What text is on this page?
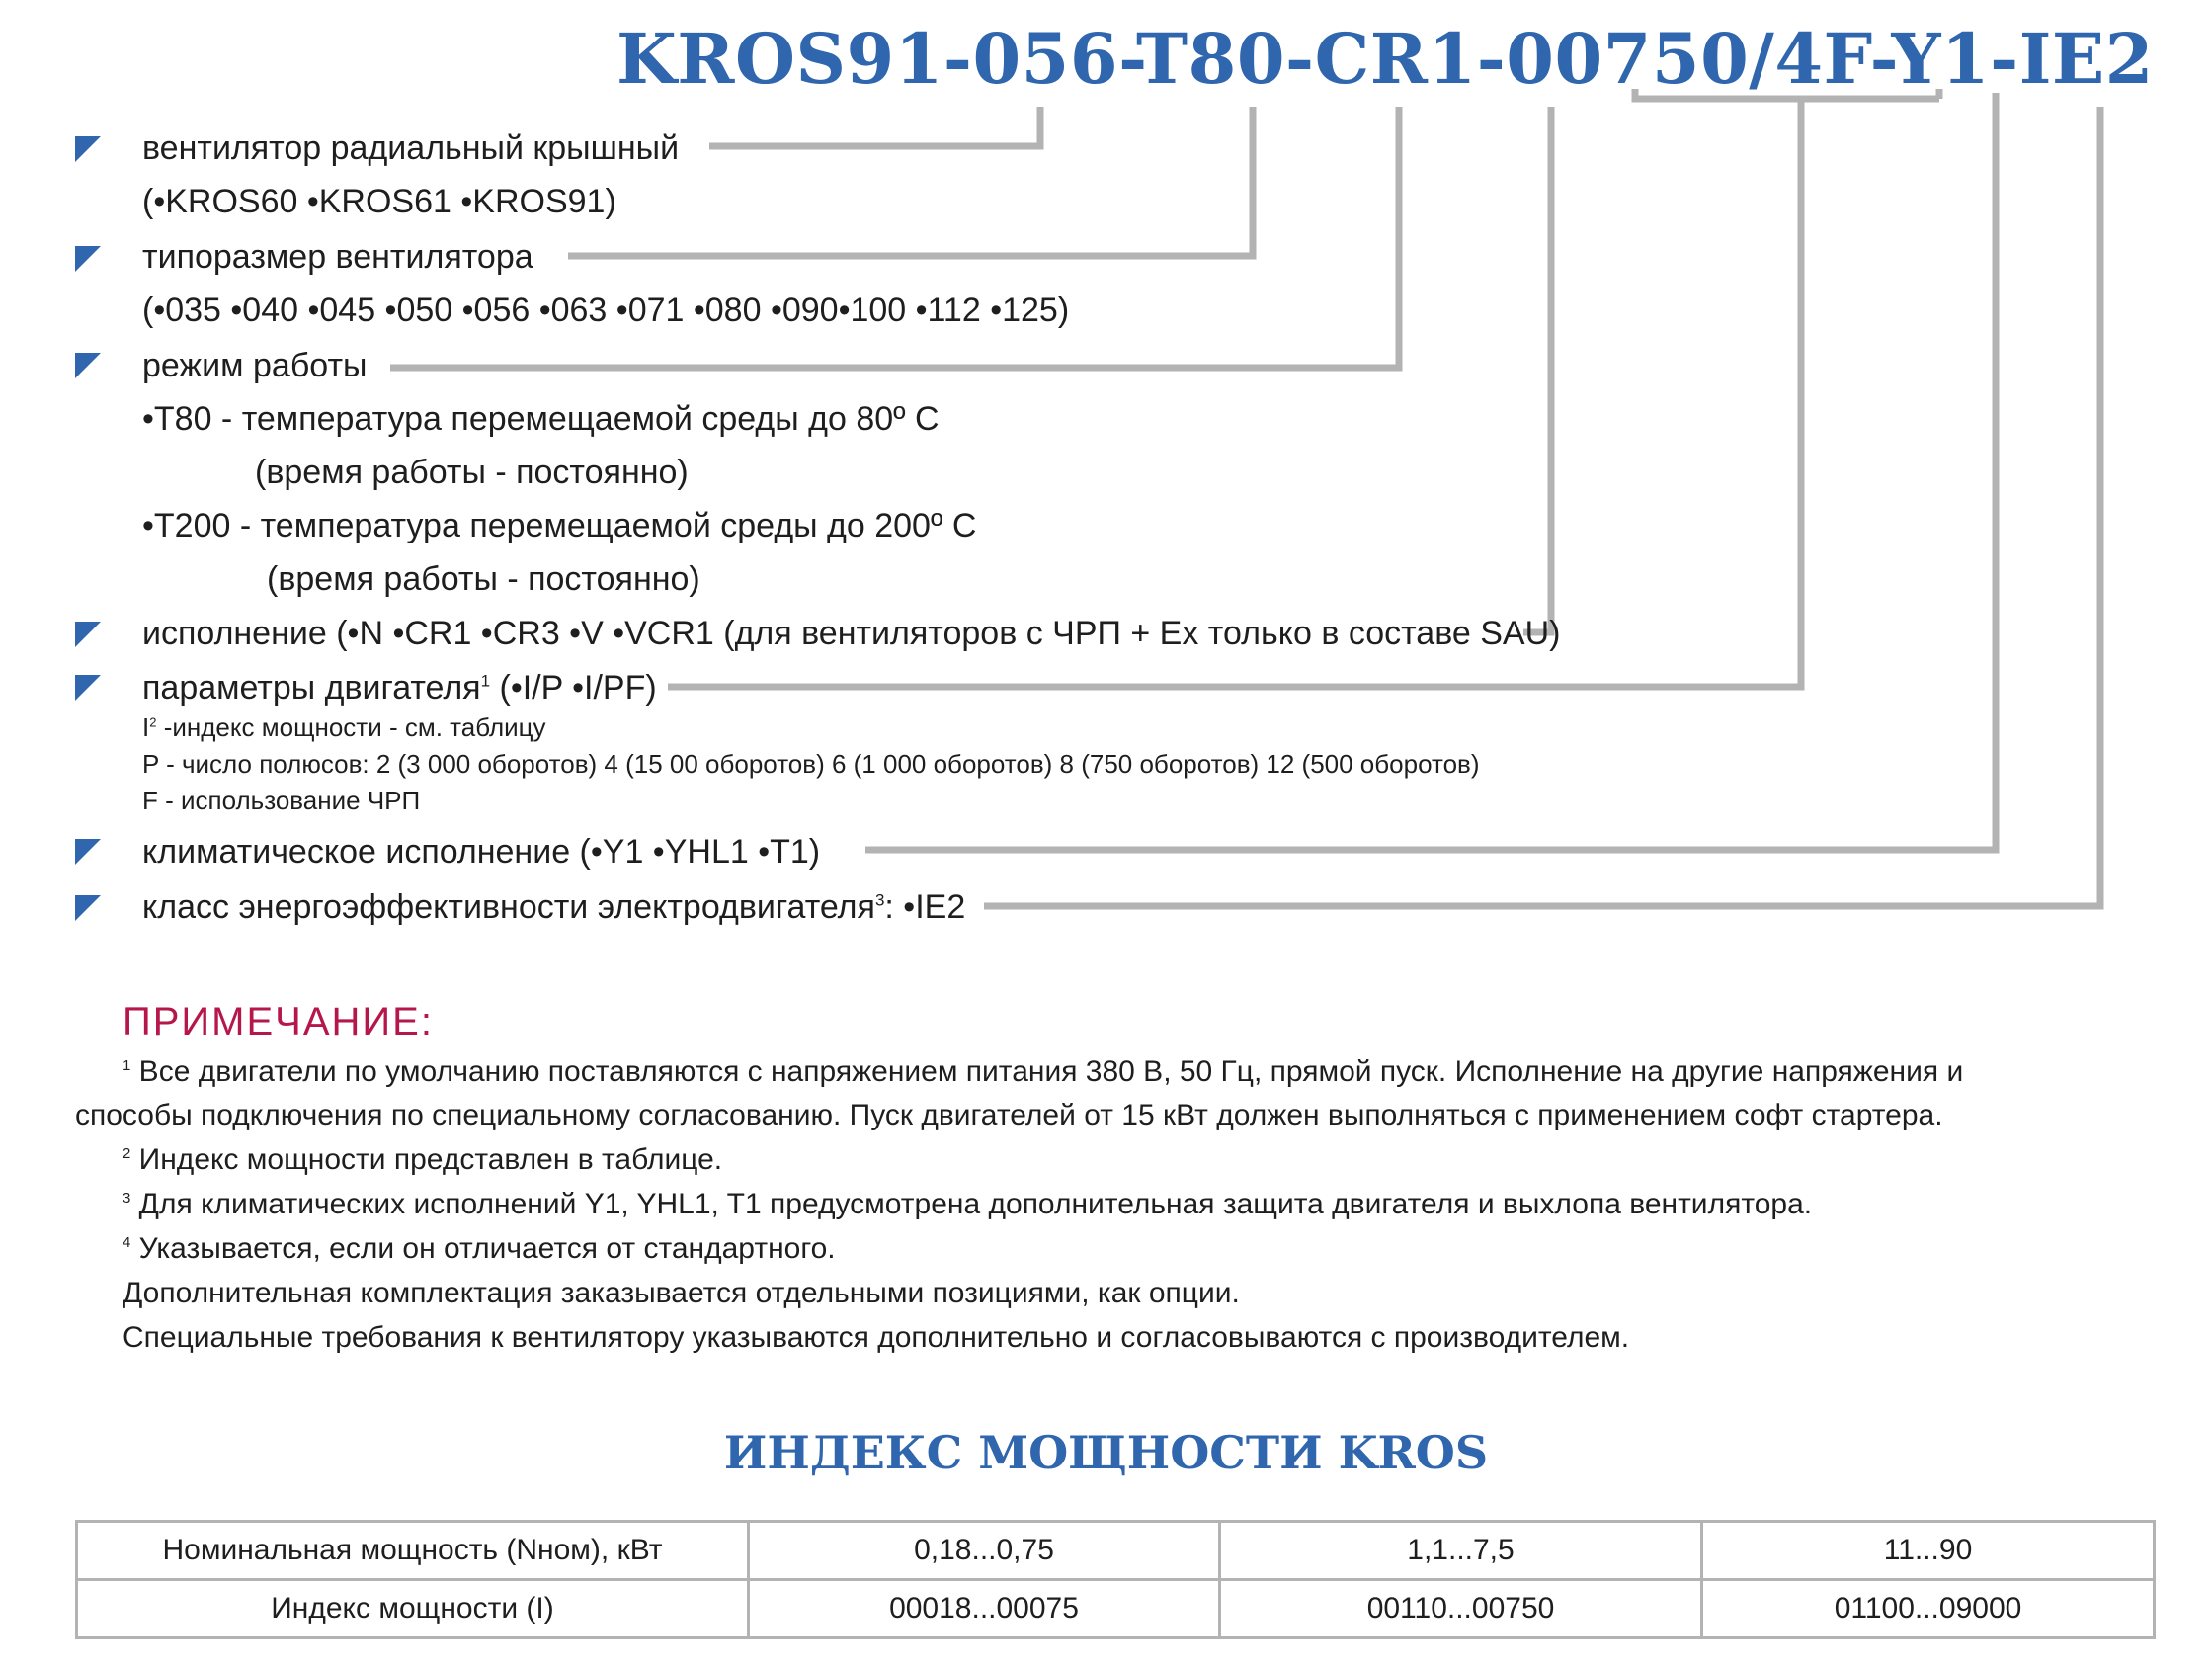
KROS91-056-T80-CR1-00750/4F-Y1-IE2
вентилятор радиальный крышный
(•KROS60 •KROS61 •KROS91)
типоразмер вентилятора
(•035 •040 •045 •050 •056 •063 •071 •080 •090•100 •112 •125)
режим работы
•Т80 - температура перемещаемой среды до 80º С
(время работы - постоянно)
•Т200 - температура перемещаемой среды до 200º С
(время работы - постоянно)
исполнение (•N •CR1 •CR3 •V •VCR1 (для вентиляторов с ЧРП + Ex только в составе SAU)
параметры двигателя$^1$ (•I/P •I/PF)
$I^2$ -индекс мощности - см. таблицу
P - число полюсов: 2 (3 000 оборотов) 4 (15 00 оборотов) 6 (1 000 оборотов) 8 (750 оборотов) 12 (500 оборотов)
F - использование ЧРП
климатическое исполнение (•Y1 •YHL1 •T1)
класс энергоэффективности электродвигателя$^3$: •IE2
ПРИМЕЧАНИЕ:
$^1$ Все двигатели по умолчанию поставляются с напряжением питания 380 В, 50 Гц, прямой пуск. Исполнение на другие напряжения и
способы подключения по специальному согласованию. Пуск двигателей от 15 кВт должен выполняться с применением софт стартера.
$^2$ Индекс мощности представлен в таблице.
$^3$ Для климатических исполнений Y1, YHL1, T1 предусмотрена дополнительная защита двигателя и выхлопа вентилятора.
$^4$ Указывается, если он отличается от стандартного.
Дополнительная комплектация заказывается отдельными позициями, как опции.
Специальные требования к вентилятору указываются дополнительно и согласовываются с производителем.
ИНДЕКС МОЩНОСТИ KROS
Номинальная мощность (Nном), кВт	0,18...0,75	1,1...7,5	11...90
Индекс мощности (I)	00018...00075	00110...00750	01100...09000
